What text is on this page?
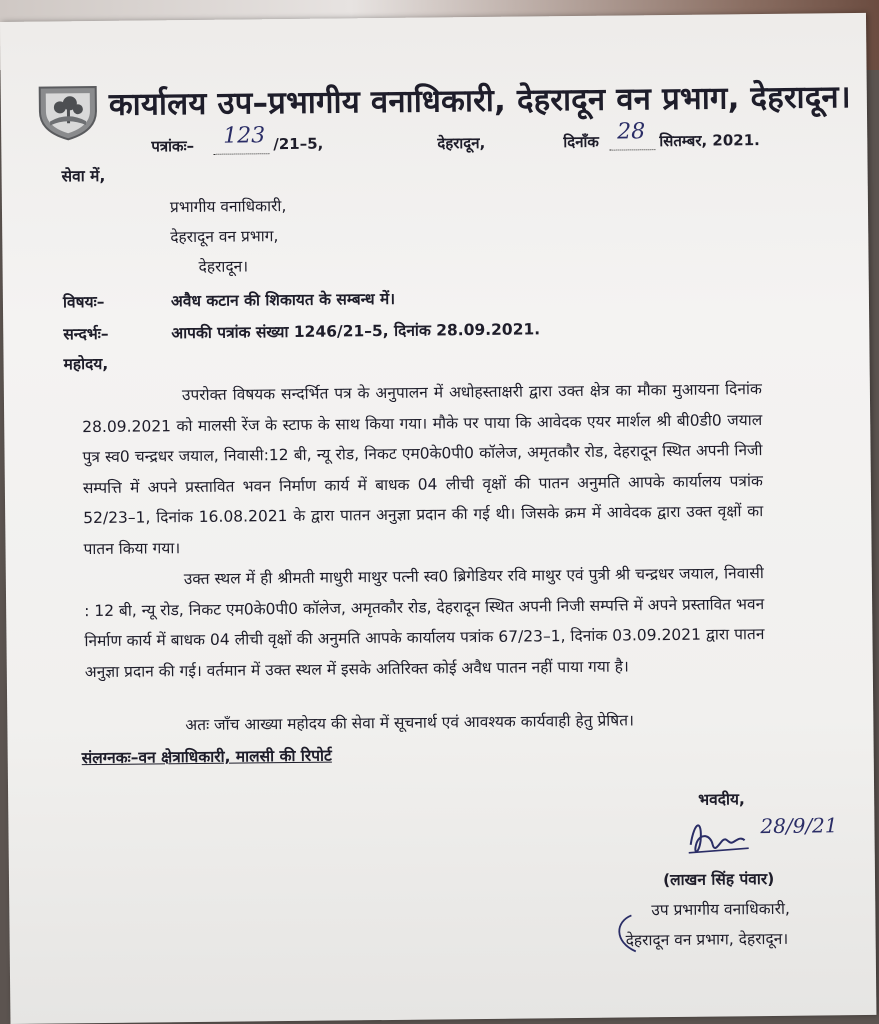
कार्यालय उप–प्रभागीय वनाधिकारी, देहरादून वन प्रभाग, देहरादून।
पत्रांकः– 123 /21–5,	देहरादून,	दिनाँक 28 सितम्बर, 2021.
सेवा में,
प्रभागीय वनाधिकारी,
देहरादून वन प्रभाग,
देहरादून।
विषयः–	अवैध कटान की शिकायत के सम्बन्ध में।
सन्दर्भः–	आपकी पत्रांक संख्या 1246/21–5, दिनांक 28.09.2021.
महोदय,

उपरोक्त विषयक सन्दर्भित पत्र के अनुपालन में अधोहस्ताक्षरी द्वारा उक्त क्षेत्र का मौका मुआयना दिनांक 28.09.2021 को मालसी रेंज के स्टाफ के साथ किया गया। मौके पर पाया कि आवेदक एयर मार्शल श्री बी0डी0 जयाल पुत्र स्व0 चन्द्रधर जयाल, निवासी:12 बी, न्यू रोड, निकट एम0के0पी0 कॉलेज, अमृतकौर रोड, देहरादून स्थित अपनी निजी सम्पत्ति में अपने प्रस्तावित भवन निर्माण कार्य में बाधक 04 लीची वृक्षों की पातन अनुमति आपके कार्यालय पत्रांक 52/23–1, दिनांक 16.08.2021 के द्वारा पातन अनुज्ञा प्रदान की गई थी। जिसके क्रम में आवेदक द्वारा उक्त वृक्षों का पातन किया गया।

उक्त स्थल में ही श्रीमती माधुरी माथुर पत्नी स्व0 ब्रिगेडियर रवि माथुर एवं पुत्री श्री चन्द्रधर जयाल, निवासी : 12 बी, न्यू रोड, निकट एम0के0पी0 कॉलेज, अमृतकौर रोड, देहरादून स्थित अपनी निजी सम्पत्ति में अपने प्रस्तावित भवन निर्माण कार्य में बाधक 04 लीची वृक्षों की अनुमति आपके कार्यालय पत्रांक 67/23–1, दिनांक 03.09.2021 द्वारा पातन अनुज्ञा प्रदान की गई। वर्तमान में उक्त स्थल में इसके अतिरिक्त कोई अवैध पातन नहीं पाया गया है।

अतः जाँच आख्या महोदय की सेवा में सूचनार्थ एवं आवश्यक कार्यवाही हेतु प्रेषित।

संलग्नकः–वन क्षेत्राधिकारी, मालसी की रिपोर्ट
भवदीय,
28/9/21
(लाखन सिंह पंवार)
उप प्रभागीय वनाधिकारी,
देहरादून वन प्रभाग, देहरादून।
